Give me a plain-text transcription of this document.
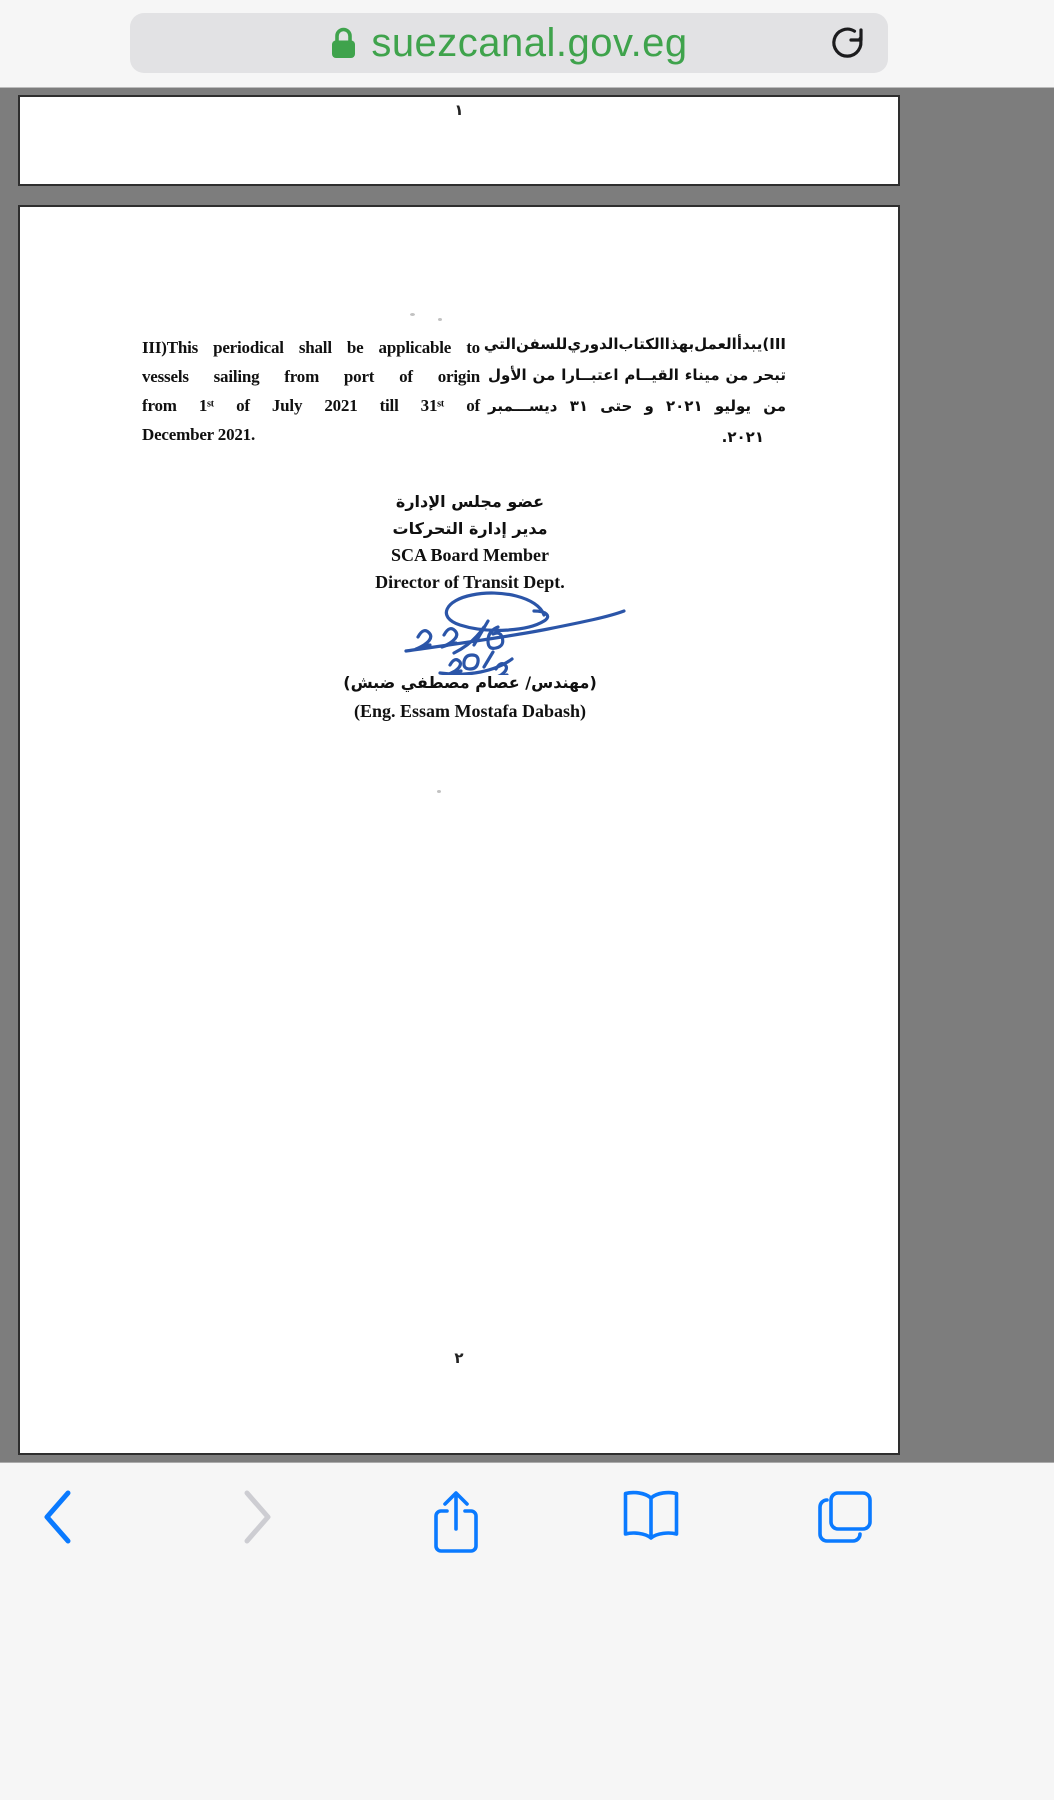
suezcanal.gov.eg
١
III)This periodical shall be applicable to
vessels sailing from port of origin
from 1ˢᵗ of July 2021 till 31ˢᵗ of
December 2021.
III)
يبدأ
العمل
بهذا
الكتاب
الدوري
للسفن
التي
تبحر
من
ميناء
القيــام
اعتبــارا
من
الأول
من
يوليو
٢٠٢١
و
حتى
٣١
ديســـمبر
٢٠٢١.
عضو مجلس الإدارة
مدير إدارة التحركات
SCA Board Member
Director of Transit Dept.
(مهندس/ عصام مصطفي ضبش)
(Eng. Essam Mostafa Dabash)
٢
